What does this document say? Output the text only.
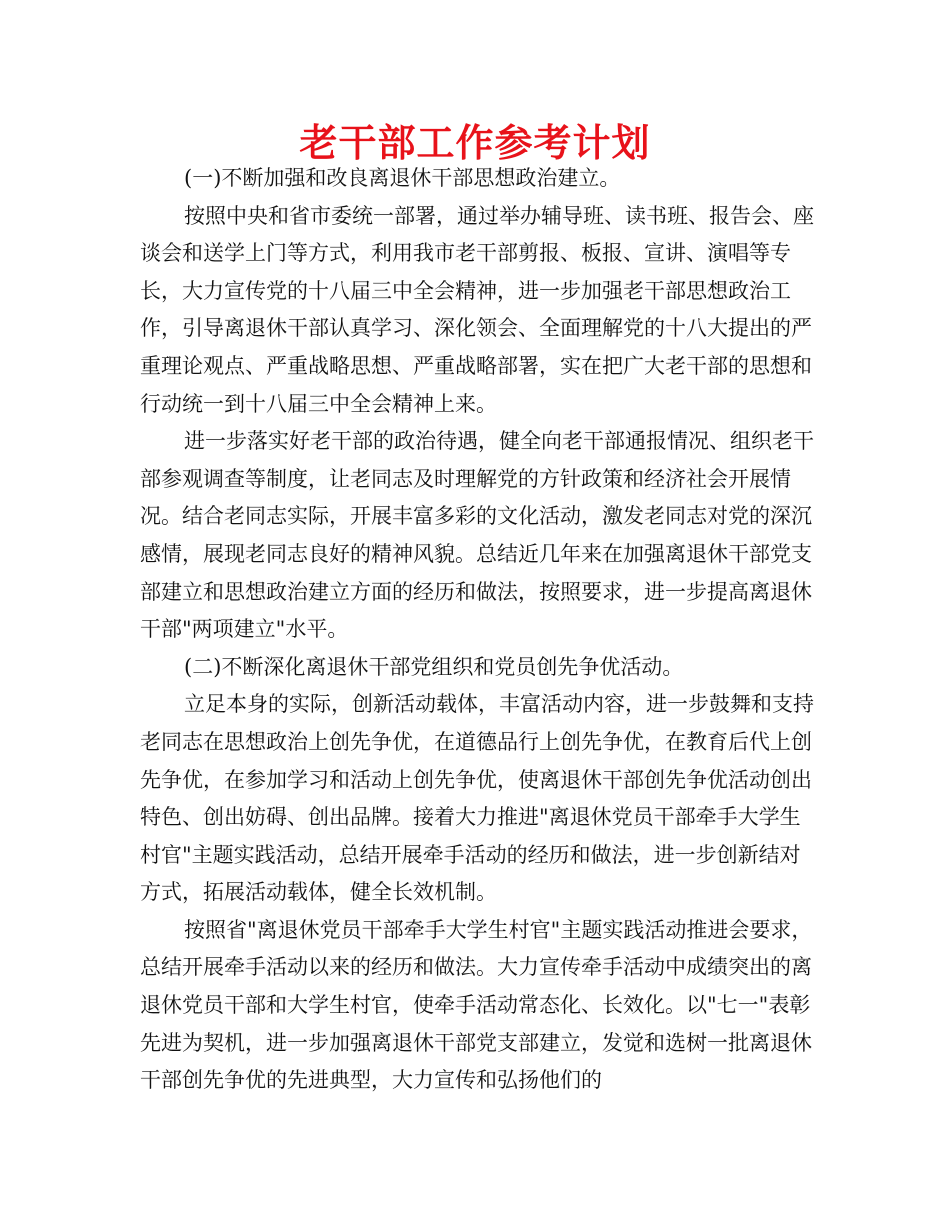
老干部工作参考计划

(一)不断加强和改良离退休干部思想政治建立。

按照中央和省市委统一部署，通过举办辅导班、读书班、报告会、座谈会和送学上门等方式，利用我市老干部剪报、板报、宣讲、演唱等专长，大力宣传党的十八届三中全会精神，进一步加强老干部思想政治工作，引导离退休干部认真学习、深化领会、全面理解党的十八大提出的严重理论观点、严重战略思想、严重战略部署，实在把广大老干部的思想和行动统一到十八届三中全会精神上来。

进一步落实好老干部的政治待遇，健全向老干部通报情况、组织老干部参观调查等制度，让老同志及时理解党的方针政策和经济社会开展情况。结合老同志实际，开展丰富多彩的文化活动，激发老同志对党的深沉感情，展现老同志良好的精神风貌。总结近几年来在加强离退休干部党支部建立和思想政治建立方面的经历和做法，按照要求，进一步提高离退休干部"两项建立"水平。

(二)不断深化离退休干部党组织和党员创先争优活动。

立足本身的实际，创新活动载体，丰富活动内容，进一步鼓舞和支持老同志在思想政治上创先争优，在道德品行上创先争优，在教育后代上创先争优，在参加学习和活动上创先争优，使离退休干部创先争优活动创出特色、创出妨碍、创出品牌。接着大力推进"离退休党员干部牵手大学生村官"主题实践活动，总结开展牵手活动的经历和做法，进一步创新结对方式，拓展活动载体，健全长效机制。

按照省"离退休党员干部牵手大学生村官"主题实践活动推进会要求，总结开展牵手活动以来的经历和做法。大力宣传牵手活动中成绩突出的离退休党员干部和大学生村官，使牵手活动常态化、长效化。以"七一"表彰先进为契机，进一步加强离退休干部党支部建立，发觉和选树一批离退休干部创先争优的先进典型，大力宣传和弘扬他们的
